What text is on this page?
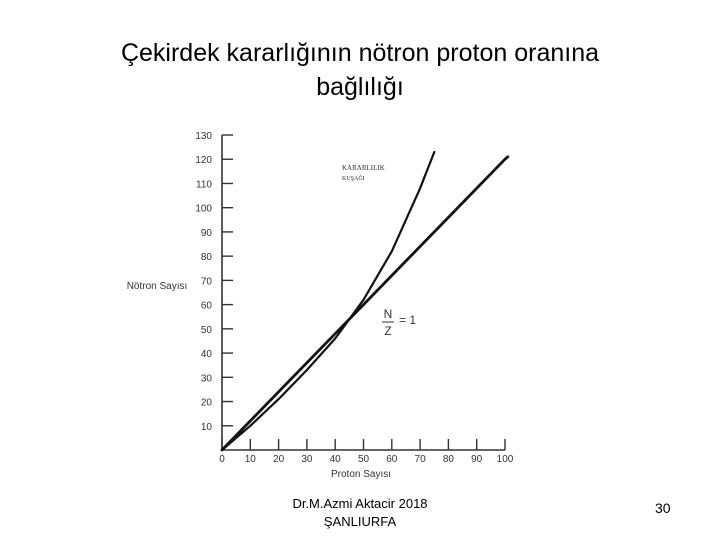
Çekirdek kararlığının nötron proton oranına
bağlılığı
10
20
30
40
50
60
70
80
90
100
110
120
130
0 10 20 30 40 50 60 70 80 90 100
Nötron Sayısı
Proton Sayısı
KARARLILIK
KUŞAĞI
N
Z
= 1
Dr.M.Azmi Aktacir 2018
ŞANLIURFA
30
